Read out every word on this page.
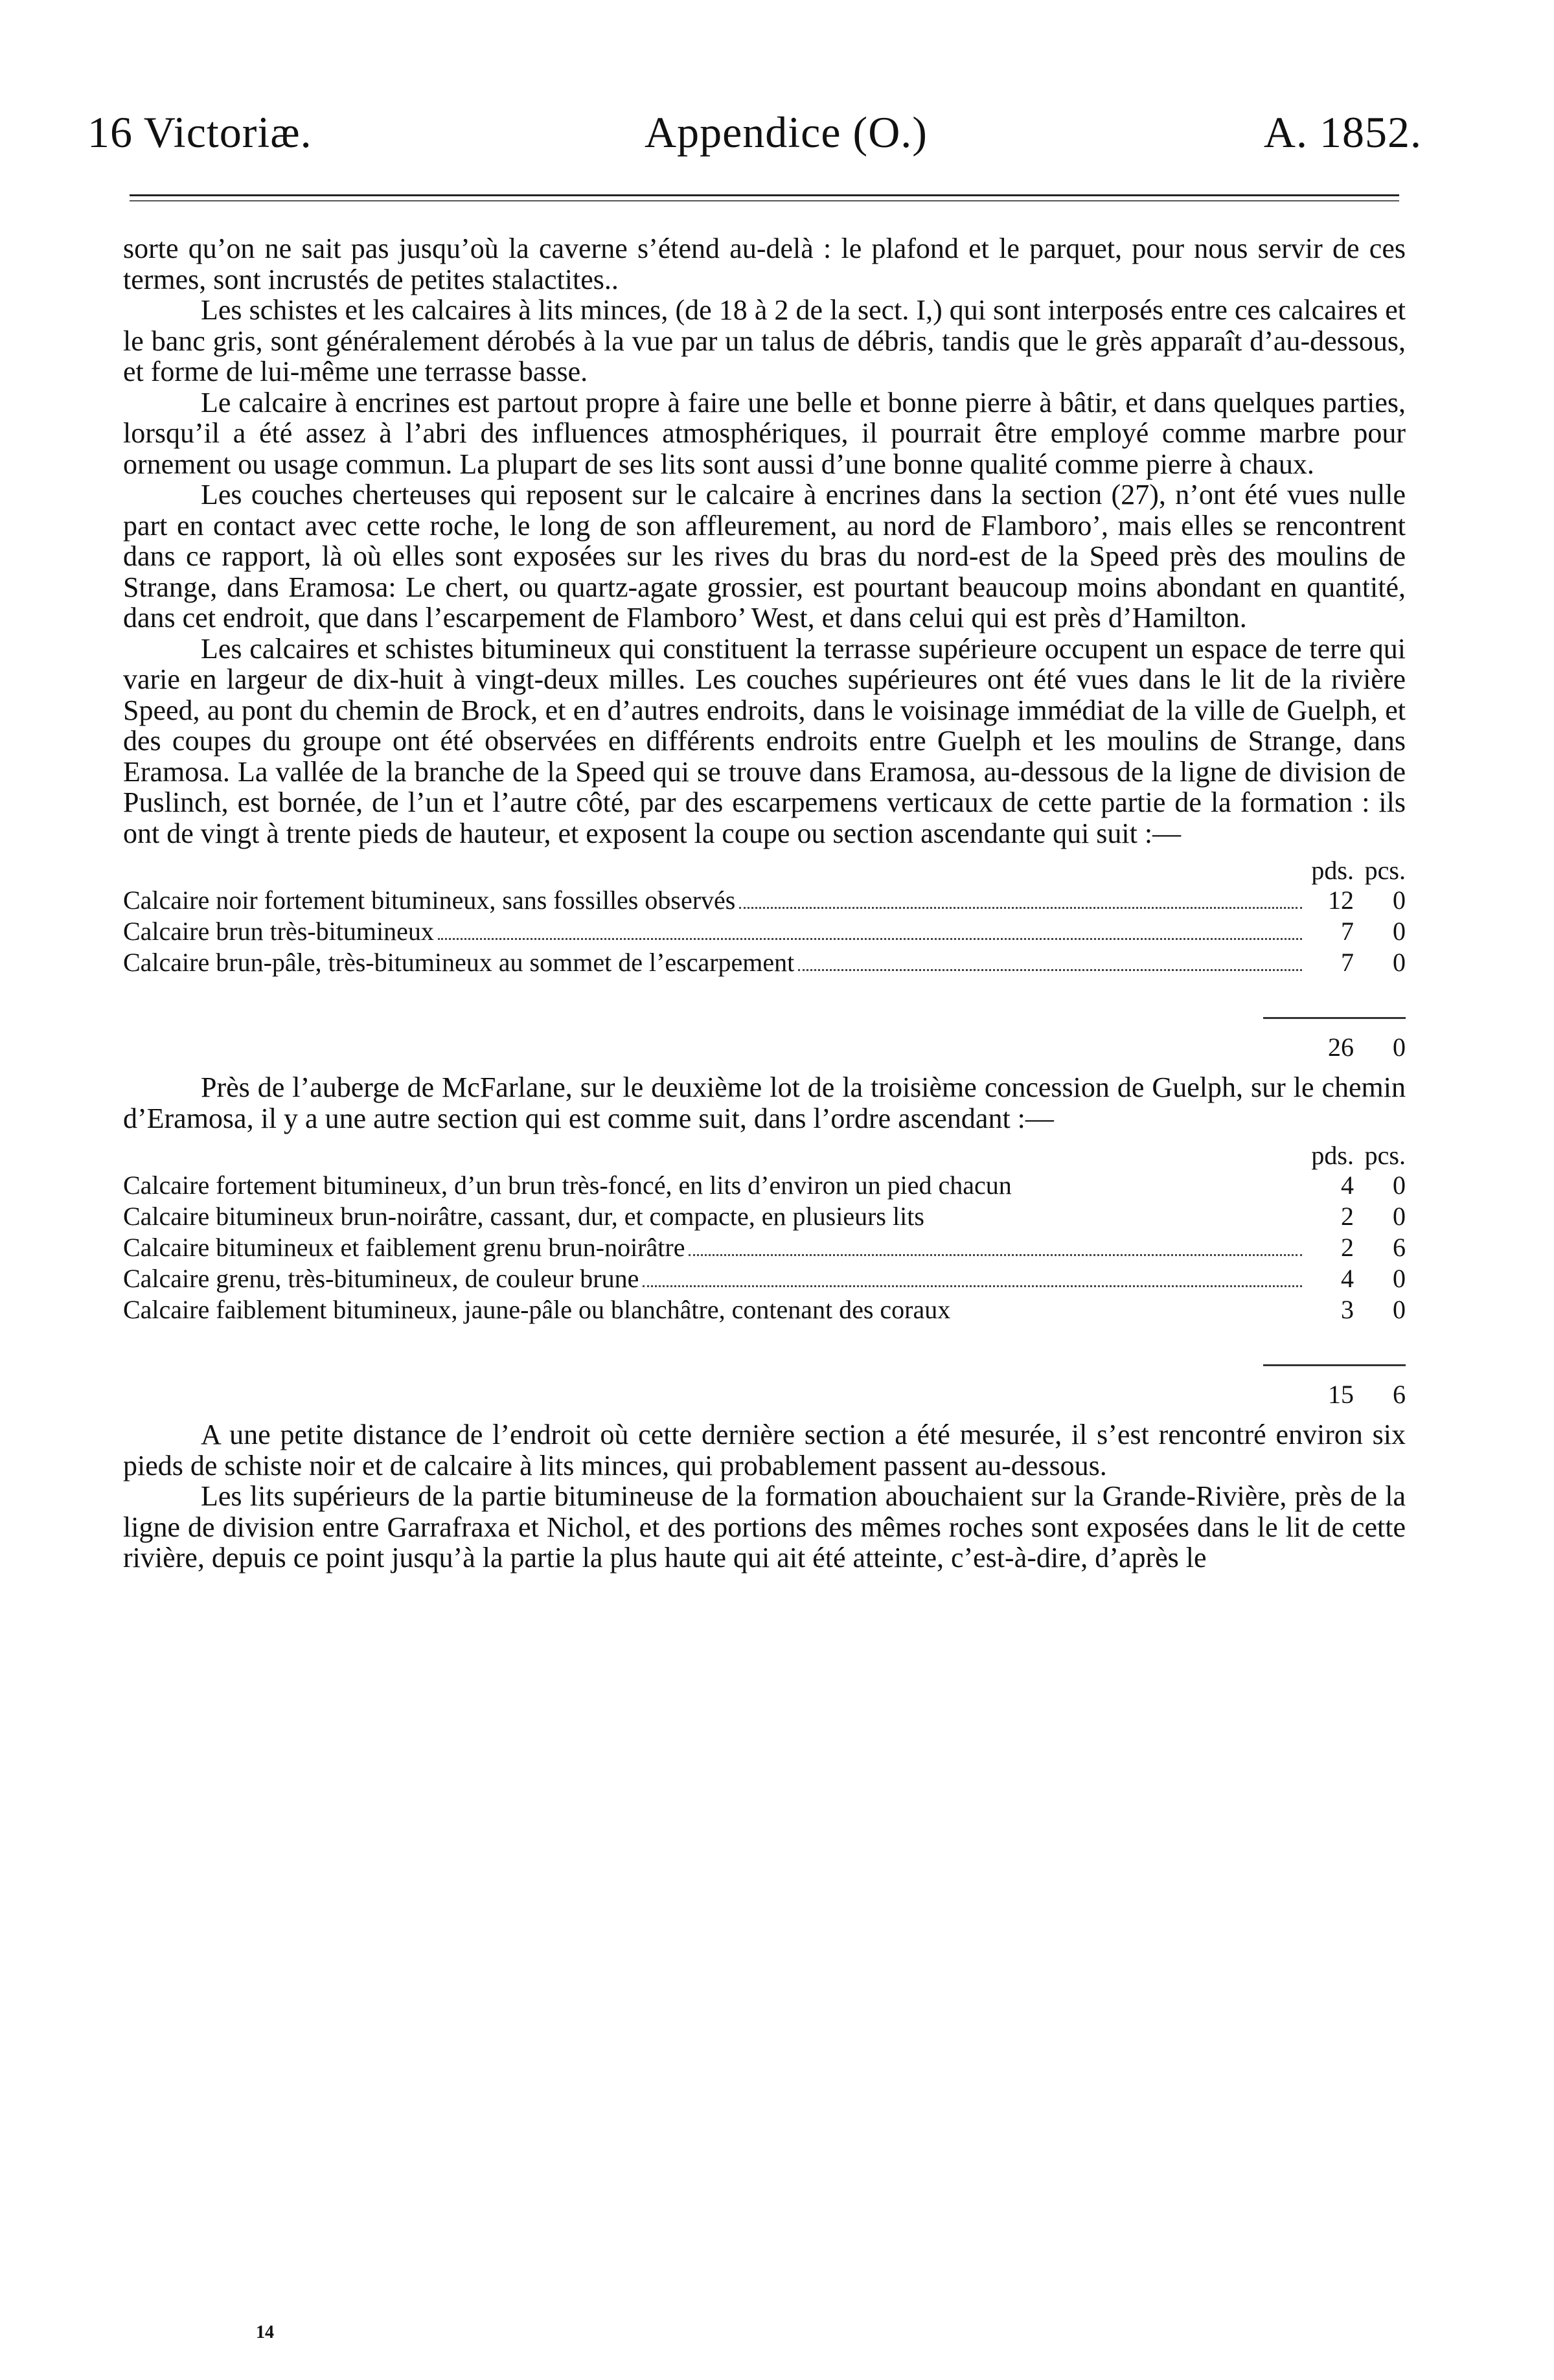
16 Victoriæ.	Appendice (O.)	A. 1852.

sorte qu’on ne sait pas jusqu’où la caverne s’étend au-delà : le plafond et le parquet, pour nous servir de ces termes, sont incrustés de petites stalactites..

Les schistes et les calcaires à lits minces, (de 18 à 2 de la sect. I,) qui sont interposés entre ces calcaires et le banc gris, sont généralement dérobés à la vue par un talus de débris, tandis que le grès apparaît d’au-dessous, et forme de lui-même une terrasse basse.

Le calcaire à encrines est partout propre à faire une belle et bonne pierre à bâtir, et dans quelques parties, lorsqu’il a été assez à l’abri des influences atmosphériques, il pourrait être employé comme marbre pour ornement ou usage commun. La plupart de ses lits sont aussi d’une bonne qualité comme pierre à chaux.

Les couches cherteuses qui reposent sur le calcaire à encrines dans la section (27), n’ont été vues nulle part en contact avec cette roche, le long de son affleurement, au nord de Flamboro’, mais elles se rencontrent dans ce rapport, là où elles sont exposées sur les rives du bras du nord-est de la Speed près des moulins de Strange, dans Eramosa: Le chert, ou quartz-agate grossier, est pourtant beaucoup moins abondant en quantité, dans cet endroit, que dans l’escarpement de Flamboro’ West, et dans celui qui est près d’Hamilton.

Les calcaires et schistes bitumineux qui constituent la terrasse supérieure occupent un espace de terre qui varie en largeur de dix-huit à vingt-deux milles. Les couches supérieures ont été vues dans le lit de la rivière Speed, au pont du chemin de Brock, et en d’autres endroits, dans le voisinage immédiat de la ville de Guelph, et des coupes du groupe ont été observées en différents endroits entre Guelph et les moulins de Strange, dans Eramosa. La vallée de la branche de la Speed qui se trouve dans Eramosa, au-dessous de la ligne de division de Puslinch, est bornée, de l’un et l’autre côté, par des escarpemens verticaux de cette partie de la formation : ils ont de vingt à trente pieds de hauteur, et exposent la coupe ou section ascendante qui suit :—

pds. pcs.
Calcaire noir fortement bitumineux, sans fossilles observés	12	0
Calcaire brun très-bitumineux	7	0
Calcaire brun-pâle, très-bitumineux au sommet de l’escarpement	7	0
26	0

Près de l’auberge de McFarlane, sur le deuxième lot de la troisième concession de Guelph, sur le chemin d’Eramosa, il y a une autre section qui est comme suit, dans l’ordre ascendant :—

pds. pcs.
Calcaire fortement bitumineux, d’un brun très-foncé, en lits d’environ un pied chacun	4	0
Calcaire bitumineux brun-noirâtre, cassant, dur, et compacte, en plusieurs lits	2	0
Calcaire bitumineux et faiblement grenu brun-noirâtre	2	6
Calcaire grenu, très-bitumineux, de couleur brune	4	0
Calcaire faiblement bitumineux, jaune-pâle ou blanchâtre, contenant des coraux	3	0
15	6

A une petite distance de l’endroit où cette dernière section a été mesurée, il s’est rencontré environ six pieds de schiste noir et de calcaire à lits minces, qui probablement passent au-dessous.

Les lits supérieurs de la partie bitumineuse de la formation abouchaient sur la Grande-Rivière, près de la ligne de division entre Garrafraxa et Nichol, et des portions des mêmes roches sont exposées dans le lit de cette rivière, depuis ce point jusqu’à la partie la plus haute qui ait été atteinte, c’est-à-dire, d’après le

14
